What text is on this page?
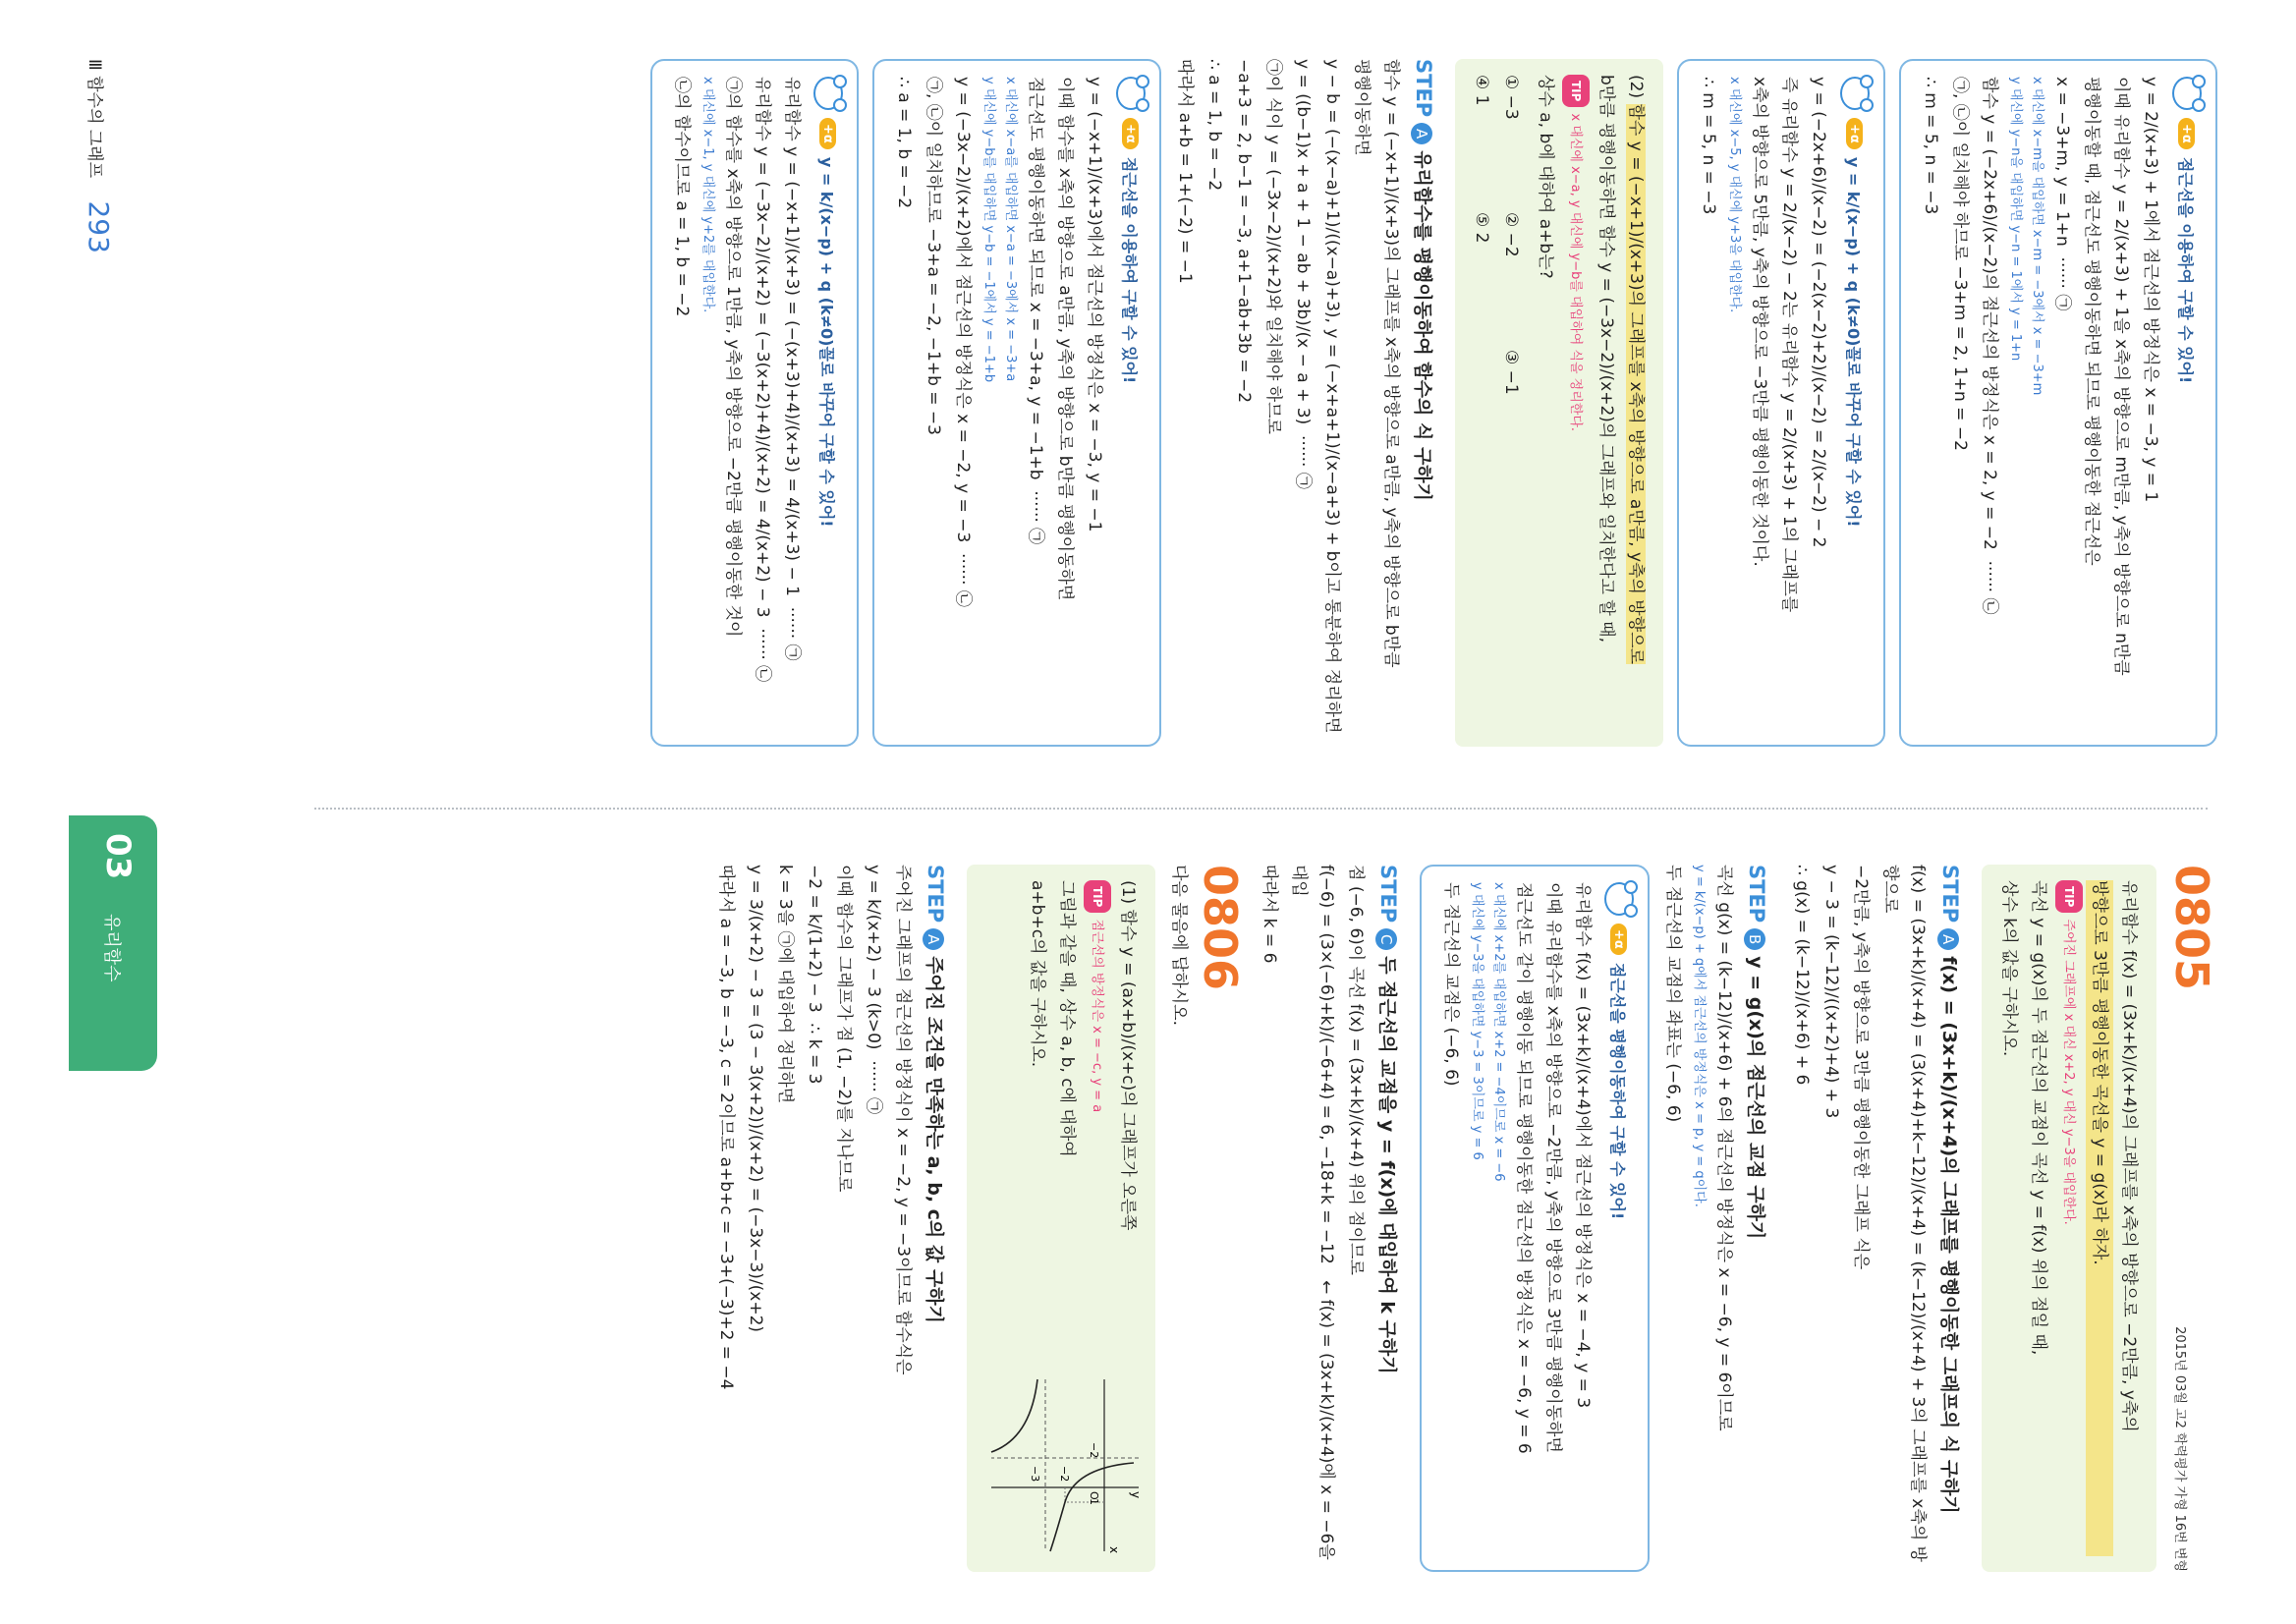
+α
점근선을 이용하여 구할 수 있어!
y = 2/(x+3) + 1에서 점근선의 방정식은 x = −3, y = 1
이때 유리함수 y = 2/(x+3) + 1을 x축의 방향으로 m만큼, y축의 방향으로 n만큼
평행이동할 때, 점근선도 평행이동하면 되므로 평행이동한 점근선은
x = −3+m, y = 1+n  ······ ㉠
x 대신에 x−m을 대입하면 x−m = −3에서 x = −3+m
y 대신에 y−n을 대입하면 y−n = 1에서 y = 1+n
함수 y = (−2x+6)/(x−2)의 점근선의 방정식은 x = 2, y = −2  ······ ㉡
㉠, ㉡이 일치해야 하므로 −3+m = 2, 1+n = −2
∴ m = 5, n = −3
+α
y = k/(x−p) + q (k≠0)꼴로 바꾸어 구할 수 있어!
y = (−2x+6)/(x−2) = (−2(x−2)+2)/(x−2) = 2/(x−2) − 2
즉 유리함수 y = 2/(x−2) − 2는 유리함수 y = 2/(x+3) + 1의 그래프를
x축의 방향으로 5만큼, y축의 방향으로 −3만큼 평행이동한 것이다.
x 대신에 x−5, y 대신에 y+3을 대입한다.
∴ m = 5, n = −3
(2) 함수 y = (−x+1)/(x+3)의 그래프를 x축의 방향으로 a만큼, y축의 방향으로
b만큼 평행이동하면 함수 y = (−3x−2)/(x+2)의 그래프와 일치한다고 할 때,
TIPx 대신에 x−a, y 대신에 y−b를 대입하여 식을 정리한다.
상수 a, b에 대하여 a+b는?
① −3
② −2
③ −1
④ 1
⑤ 2
STEPA유리함수를 평행이동하여 함수의 식 구하기
함수 y = (−x+1)/(x+3)의 그래프를 x축의 방향으로 a만큼, y축의 방향으로 b만큼
평행이동하면
y − b = (−(x−a)+1)/((x−a)+3), y = (−x+a+1)/(x−a+3) + b이고 통분하여 정리하면
y = ((b−1)x + a + 1 − ab + 3b)/(x − a + 3)  ······ ㉠
㉠이 식이 y = (−3x−2)/(x+2)와 일치해야 하므로
−a+3 = 2, b−1 = −3, a+1−ab+3b = −2
∴ a = 1, b = −2
따라서 a+b = 1+(−2) = −1
+α
점근선을 이용하여 구할 수 있어!
y = (−x+1)/(x+3)에서 점근선의 방정식은 x = −3, y = −1
이때 함수를 x축의 방향으로 a만큼, y축의 방향으로 b만큼 평행이동하면
점근선도 평행이동하면 되므로 x = −3+a, y = −1+b  ······ ㉠
x 대신에 x−a를 대입하면 x−a = −3에서 x = −3+a
y 대신에 y−b를 대입하면 y−b = −1에서 y = −1+b
y = (−3x−2)/(x+2)에서 점근선의 방정식은 x = −2, y = −3  ······ ㉡
㉠, ㉡이 일치하므로 −3+a = −2, −1+b = −3
∴ a = 1, b = −2
+α
y = k/(x−p) + q (k≠0)꼴로 바꾸어 구할 수 있어!
유리함수 y = (−x+1)/(x+3) = (−(x+3)+4)/(x+3) = 4/(x+3) − 1  ······ ㉠
유리함수 y = (−3x−2)/(x+2) = (−3(x+2)+4)/(x+2) = 4/(x+2) − 3  ······ ㉡
㉠의 함수를 x축의 방향으로 1만큼, y축의 방향으로 −2만큼 평행이동한 것이
x 대신에 x−1, y 대신에 y+2를 대입한다.
㉡의 함수이므로 a = 1, b = −2
0805
2015년 03월 고2 학력평가 가형 16번 변형
유리함수 f(x) = (3x+k)/(x+4)의 그래프를 x축의 방향으로 −2만큼, y축의
방향으로 3만큼 평행이동한 곡선을 y = g(x)라 하자.
TIP주어진 그래프에 x 대신 x+2, y 대신 y−3을 대입한다.
곡선 y = g(x)의 두 점근선의 교점이 곡선 y = f(x) 위의 점일 때,
상수 k의 값을 구하시오.
STEPAf(x) = (3x+k)/(x+4)의 그래프를 평행이동한 그래프의 식 구하기
f(x) = (3x+k)/(x+4) = (3(x+4)+k−12)/(x+4) = (k−12)/(x+4) + 3의 그래프를 x축의 방향으로
−2만큼, y축의 방향으로 3만큼 평행이동한 그래프 식은
y − 3 = (k−12)/((x+2)+4) + 3
∴ g(x) = (k−12)/(x+6) + 6
STEPBy = g(x)의 점근선의 교점 구하기
곡선 g(x) = (k−12)/(x+6) + 6의 점근선의 방정식은 x = −6, y = 6이므로
y = k/(x−p) + q에서 점근선의 방정식은 x = p, y = q이다.
두 점근선의 교점의 좌표는 (−6, 6)
+α
점근선을 평행이동하여 구할 수 있어!
유리함수 f(x) = (3x+k)/(x+4)에서 점근선의 방정식은 x = −4, y = 3
이때 유리함수를 x축의 방향으로 −2만큼, y축의 방향으로 3만큼 평행이동하면
점근선도 같이 평행이동 되므로 평행이동한 점근선의 방정식은 x = −6, y = 6
x 대신에 x+2를 대입하면 x+2 = −4이므로 x = −6
y 대신에 y−3을 대입하면 y−3 = 3이므로 y = 6
두 점근선의 교점은 (−6, 6)
STEPC두 점근선의 교점을 y = f(x)에 대입하여 k 구하기
점 (−6, 6)이 곡선 f(x) = (3x+k)/(x+4) 위의 점이므로
f(−6) = (3×(−6)+k)/(−6+4) = 6, −18+k = −12   ← f(x) = (3x+k)/(x+4)에 x = −6을 대입
따라서 k = 6
0806
다음 물음에 답하시오.
x
y
O
−2
1
−2
−3
(1) 함수 y = (ax+b)/(x+c)의 그래프가 오른쪽
TIP점근선의 방정식은 x = −c, y = a
그림과 같을 때, 상수 a, b, c에 대하여
a+b+c의 값을 구하시오.
STEPA주어진 조건을 만족하는 a, b, c의 값 구하기
주어진 그래프의 점근선의 방정식이 x = −2, y = −3이므로 함수식은
y = k/(x+2) − 3 (k>0)  ······ ㉠
이때 함수의 그래프가 점 (1, −2)를 지나므로
−2 = k/(1+2) − 3  ∴ k = 3
k = 3을 ㉠에 대입하여 정리하면
y = 3/(x+2) − 3 = (3 − 3(x+2))/(x+2) = (−3x−3)/(x+2)
따라서 a = −3, b = −3, c = 2이므로 a+b+c = −3+(−3)+2 = −4
Ⅲ 함수의 그래프 293
03
유리함수
